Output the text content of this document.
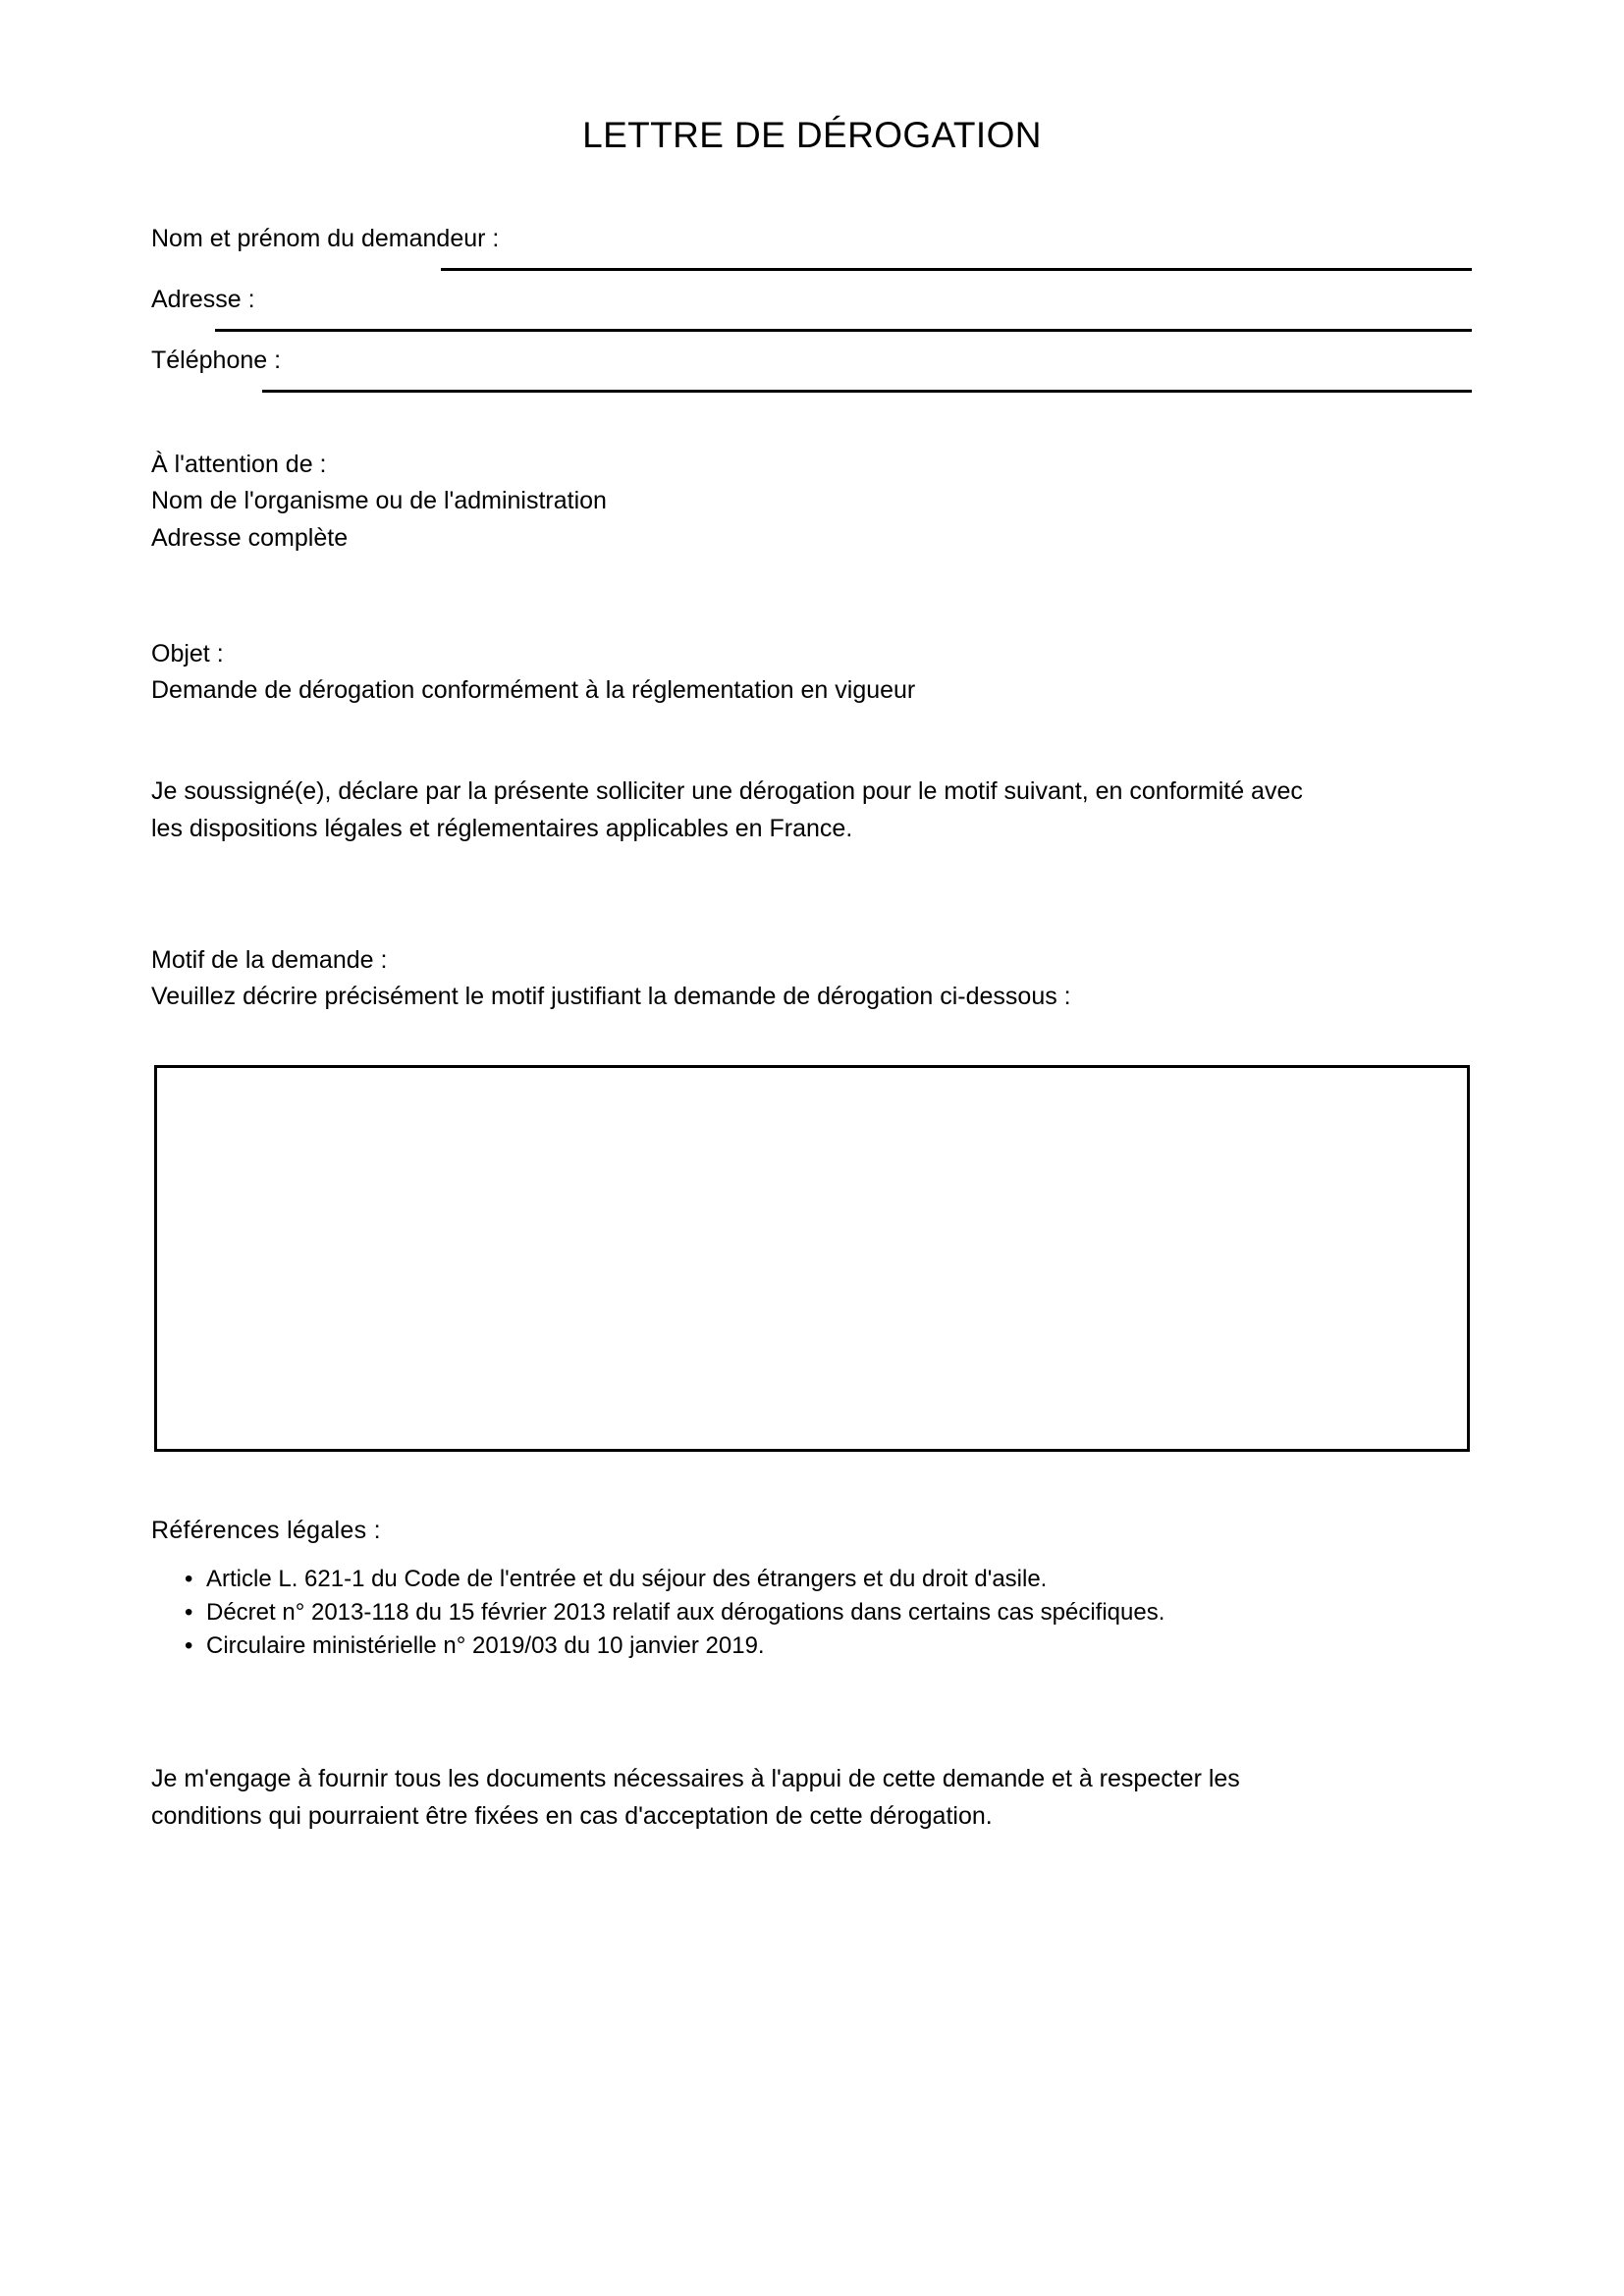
LETTRE DE DÉROGATION
Nom et prénom du demandeur :
Adresse :
Téléphone :

À l'attention de :

Nom de l'organisme ou de l'administration

Adresse complète

Objet :

Demande de dérogation conformément à la réglementation en vigueur

Je soussigné(e), déclare par la présente solliciter une dérogation pour le motif suivant, en conformité avec

les dispositions légales et réglementaires applicables en France.

Motif de la demande :

Veuillez décrire précisément le motif justifiant la demande de dérogation ci-dessous :

Références légales :
• Article L. 621-1 du Code de l'entrée et du séjour des étrangers et du droit d'asile.
• Décret n° 2013-118 du 15 février 2013 relatif aux dérogations dans certains cas spécifiques.
• Circulaire ministérielle n° 2019/03 du 10 janvier 2019.

Je m'engage à fournir tous les documents nécessaires à l'appui de cette demande et à respecter les

conditions qui pourraient être fixées en cas d'acceptation de cette dérogation.
